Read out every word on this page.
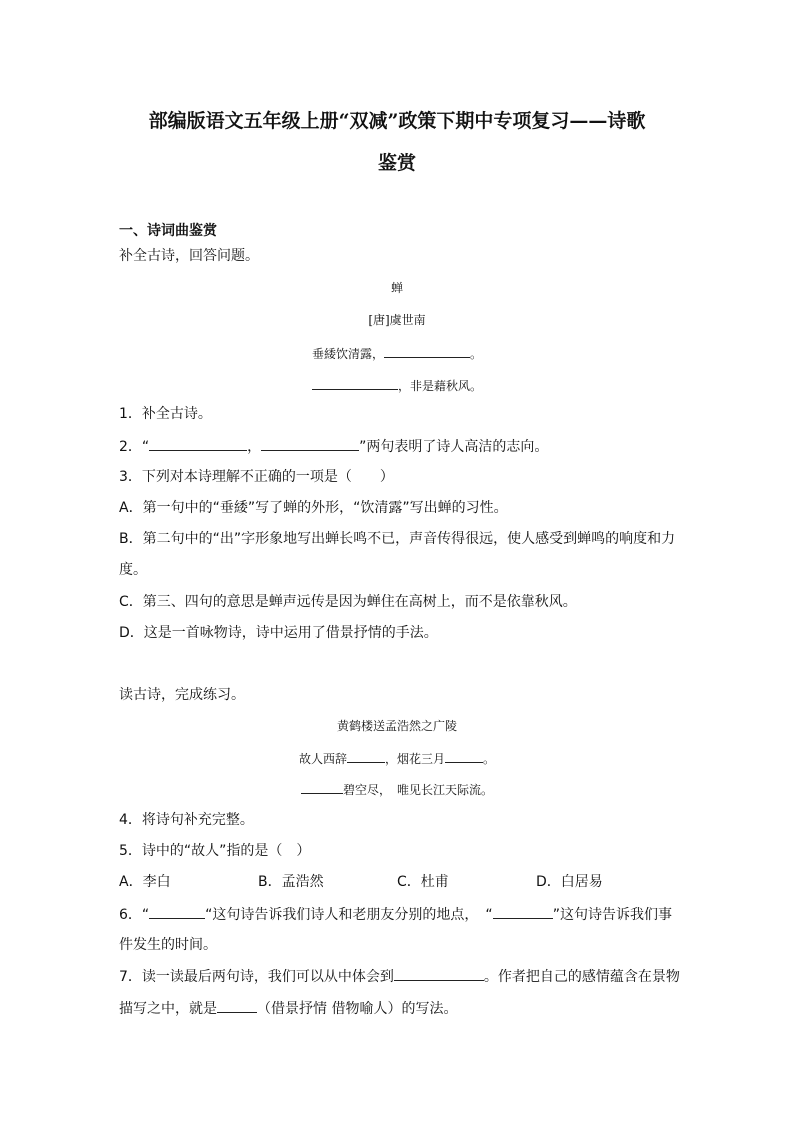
部编版语文五年级上册“双减”政策下期中专项复习——诗歌
鉴赏
一、诗词曲鉴赏
补全古诗，回答问题。
蝉
[唐]虞世南
垂緌饮清露，	。
，非是藉秋风。
1．补全古诗。
2．“	，	”两句表明了诗人高洁的志向。
3．下列对本诗理解不正确的一项是（　　）
A．第一句中的“垂緌”写了蝉的外形，“饮清露”写出蝉的习性。
B．第二句中的“出”字形象地写出蝉长鸣不已，声音传得很远，使人感受到蝉鸣的响度和力
度。
C．第三、四句的意思是蝉声远传是因为蝉住在高树上，而不是依靠秋风。
D．这是一首咏物诗，诗中运用了借景抒情的手法。
读古诗，完成练习。
黄鹤楼送孟浩然之广陵
故人西辞	，烟花三月	。
碧空尽，　唯见长江天际流。
4．将诗句补充完整。
5．诗中的“故人”指的是（　）
A．李白	B．孟浩然	C．杜甫	D．白居易
6．“	“这句诗告诉我们诗人和老朋友分别的地点，　“	”这句诗告诉我们事
件发生的时间。
7．读一读最后两句诗，我们可以从中体会到	。作者把自己的感情蕴含在景物
描写之中，就是	（借景抒情 借物喻人）的写法。
